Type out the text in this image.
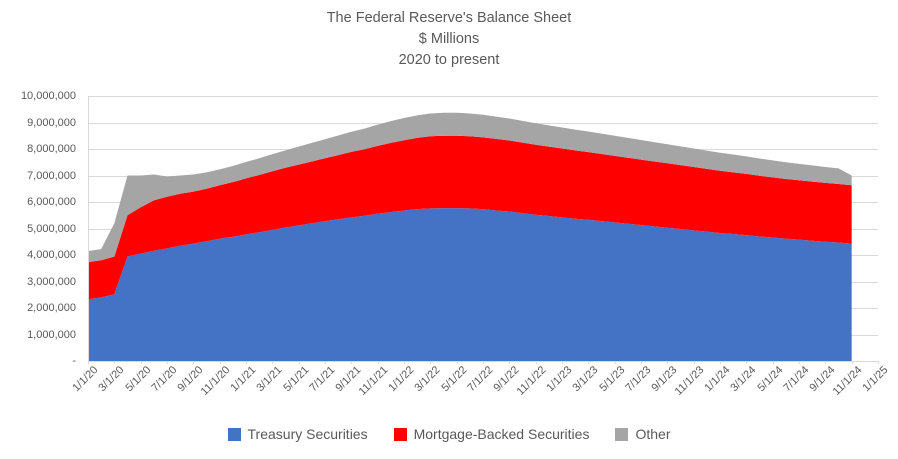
The Federal Reserve's Balance Sheet
$ Millions
2020 to present
-
1,000,000
2,000,000
3,000,000
4,000,000
5,000,000
6,000,000
7,000,000
8,000,000
9,000,000
10,000,000
1/1/20
3/1/20
5/1/20
7/1/20
9/1/20
11/1/20
1/1/21
3/1/21
5/1/21
7/1/21
9/1/21
11/1/21
1/1/22
3/1/22
5/1/22
7/1/22
9/1/22
11/1/22
1/1/23
3/1/23
5/1/23
7/1/23
9/1/23
11/1/23
1/1/24
3/1/24
5/1/24
7/1/24
9/1/24
11/1/24
1/1/25
Treasury Securities	Mortgage-Backed Securities	Other
